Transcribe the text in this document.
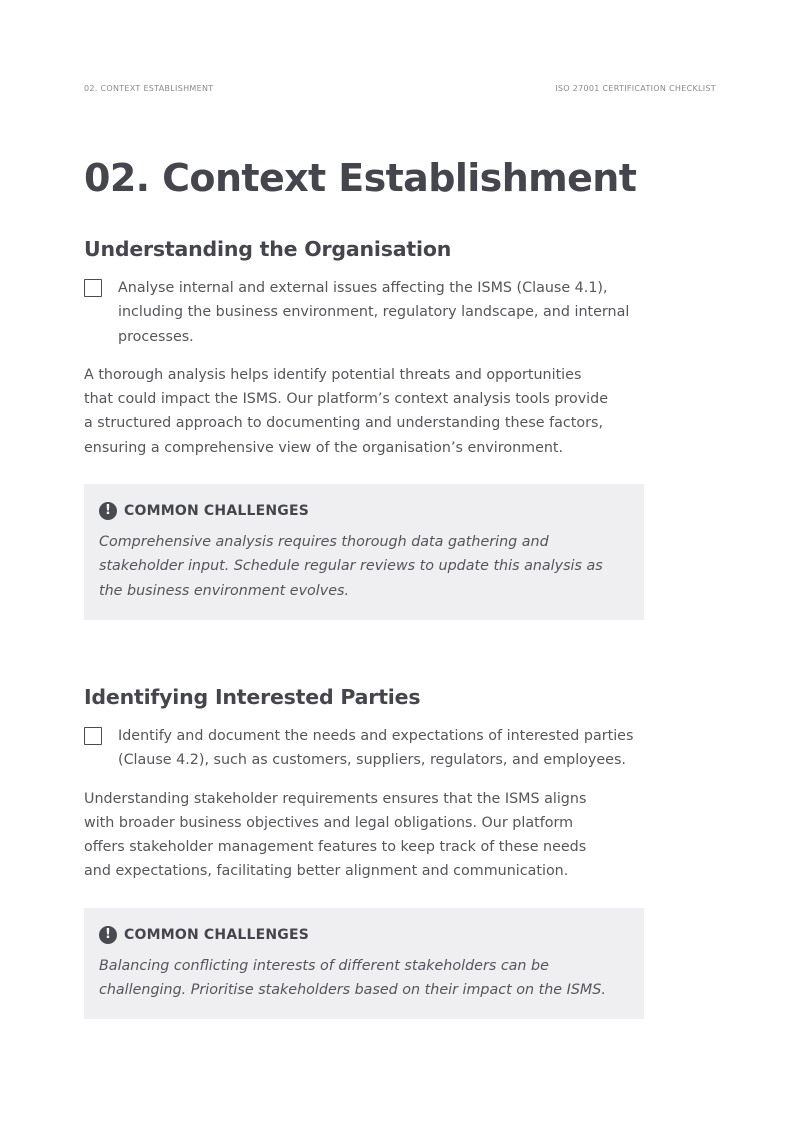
02. CONTEXT ESTABLISHMENT	ISO 27001 CERTIFICATION CHECKLIST
02. Context Establishment
Understanding the Organisation

Analyse internal and external issues affecting the ISMS (Clause 4.1), including the business environment, regulatory landscape, and internal processes.

A thorough analysis helps identify potential threats and opportunities that could impact the ISMS. Our platform’s context analysis tools provide a structured approach to documenting and understanding these factors, ensuring a comprehensive view of the organisation’s environment.

! COMMON CHALLENGES

Comprehensive analysis requires thorough data gathering and stakeholder input. Schedule regular reviews to update this analysis as the business environment evolves.

Identifying Interested Parties

Identify and document the needs and expectations of interested parties (Clause 4.2), such as customers, suppliers, regulators, and employees.

Understanding stakeholder requirements ensures that the ISMS aligns with broader business objectives and legal obligations. Our platform offers stakeholder management features to keep track of these needs and expectations, facilitating better alignment and communication.

! COMMON CHALLENGES

Balancing conflicting interests of different stakeholders can be challenging. Prioritise stakeholders based on their impact on the ISMS.
